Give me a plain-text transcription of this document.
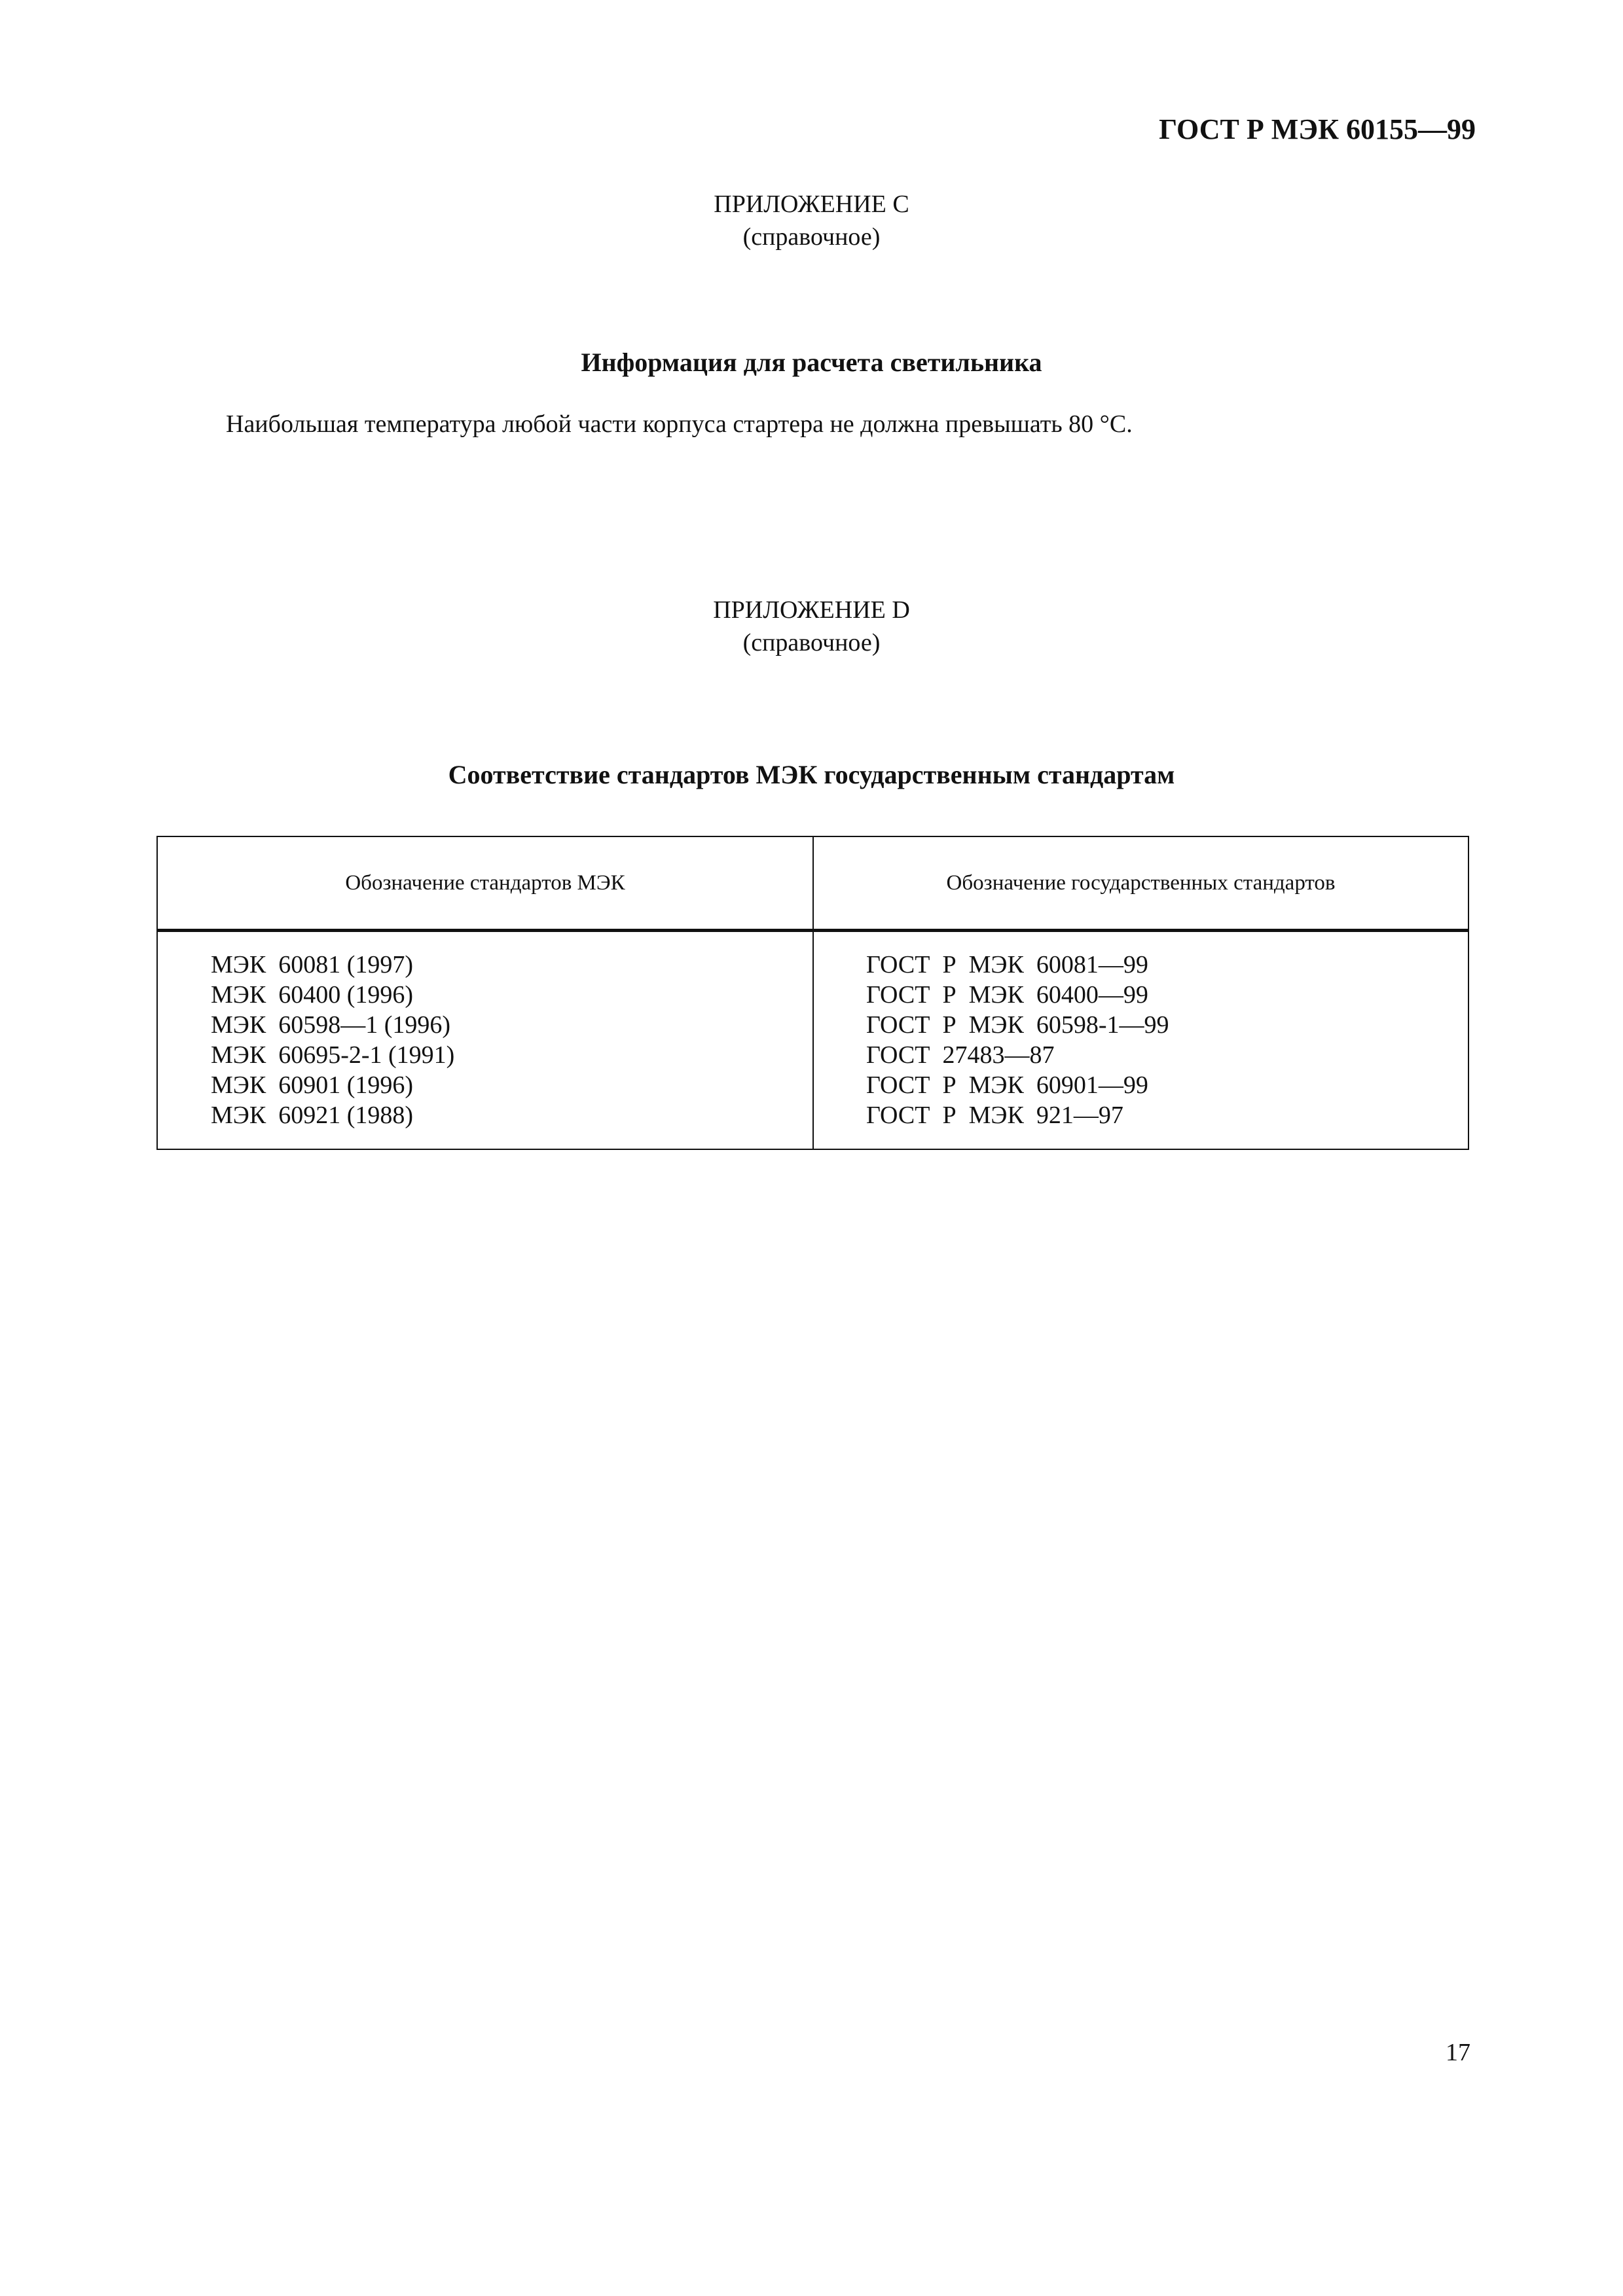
ГОСТ Р МЭК 60155—99
ПРИЛОЖЕНИЕ С
(справочное)
Информация для расчета светильника
Наибольшая температура любой части корпуса стартера не должна превышать 80 °С.
ПРИЛОЖЕНИЕ D
(справочное)
Соответствие стандартов МЭК государственным стандартам
Обозначение стандартов МЭК	Обозначение государственных стандартов
МЭК  60081 (1997)
МЭК  60400 (1996)
МЭК  60598—1 (1996)
МЭК  60695-2-1 (1991)
МЭК  60901 (1996)
МЭК  60921 (1988)
ГОСТ  Р  МЭК  60081—99
ГОСТ  Р  МЭК  60400—99
ГОСТ  Р  МЭК  60598-1—99
ГОСТ  27483—87
ГОСТ  Р  МЭК  60901—99
ГОСТ  Р  МЭК  921—97
17
